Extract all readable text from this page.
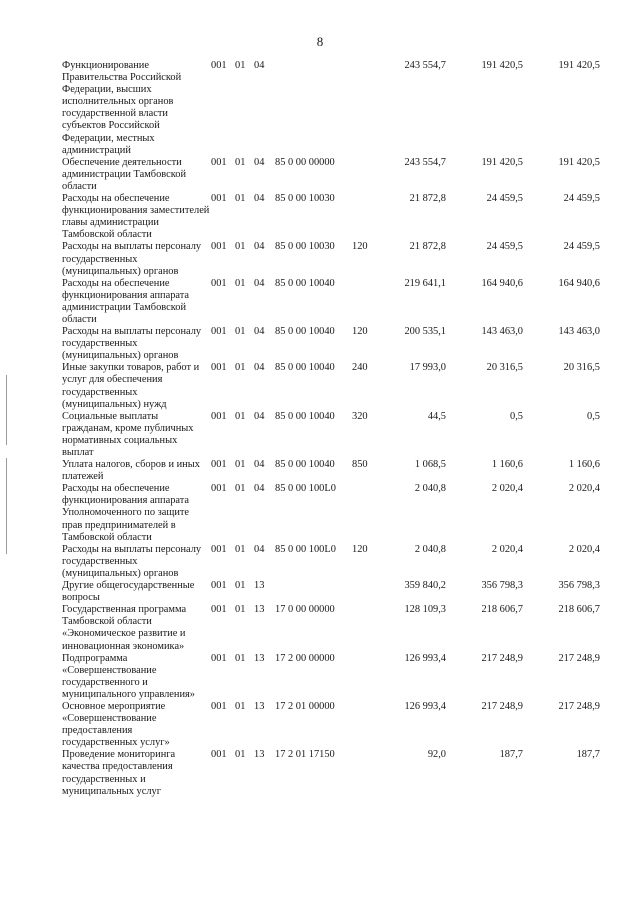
8
Функционирование Правительства Российской Федерации, высших исполнительных органов государственной власти субъектов Российской Федерации, местных администраций
001 01 04	243 554,7	191 420,5	191 420,5
Обеспечение деятельности администрации Тамбовской области
001 01 04 85 0 00 00000	243 554,7	191 420,5	191 420,5
Расходы на обеспечение функционирования заместителей главы администрации Тамбовской области
001 01 04 85 0 00 10030	21 872,8	24 459,5	24 459,5
Расходы на выплаты персоналу государственных (муниципальных) органов
001 01 04 85 0 00 10030 120	21 872,8	24 459,5	24 459,5
Расходы на обеспечение функционирования аппарата администрации Тамбовской области
001 01 04 85 0 00 10040	219 641,1	164 940,6	164 940,6
Расходы на выплаты персоналу государственных (муниципальных) органов
001 01 04 85 0 00 10040 120	200 535,1	143 463,0	143 463,0
Иные закупки товаров, работ и услуг для обеспечения государственных (муниципальных) нужд
001 01 04 85 0 00 10040 240	17 993,0	20 316,5	20 316,5
Социальные выплаты гражданам, кроме публичных нормативных социальных выплат
001 01 04 85 0 00 10040 320	44,5	0,5	0,5
Уплата налогов, сборов и иных платежей
001 01 04 85 0 00 10040 850	1 068,5	1 160,6	1 160,6
Расходы на обеспечение функционирования аппарата Уполномоченного по защите прав предпринимателей в Тамбовской области
001 01 04 85 0 00 100L0	2 040,8	2 020,4	2 020,4
Расходы на выплаты персоналу государственных (муниципальных) органов
001 01 04 85 0 00 100L0 120	2 040,8	2 020,4	2 020,4
Другие общегосударственные вопросы
001 01 13	359 840,2	356 798,3	356 798,3
Государственная программа Тамбовской области «Экономическое развитие и инновационная экономика»
001 01 13 17 0 00 00000	128 109,3	218 606,7	218 606,7
Подпрограмма «Совершенствование государственного и муниципального управления»
001 01 13 17 2 00 00000	126 993,4	217 248,9	217 248,9
Основное мероприятие «Совершенствование предоставления государственных услуг»
001 01 13 17 2 01 00000	126 993,4	217 248,9	217 248,9
Проведение мониторинга качества предоставления государственных и муниципальных услуг
001 01 13 17 2 01 17150	92,0	187,7	187,7
